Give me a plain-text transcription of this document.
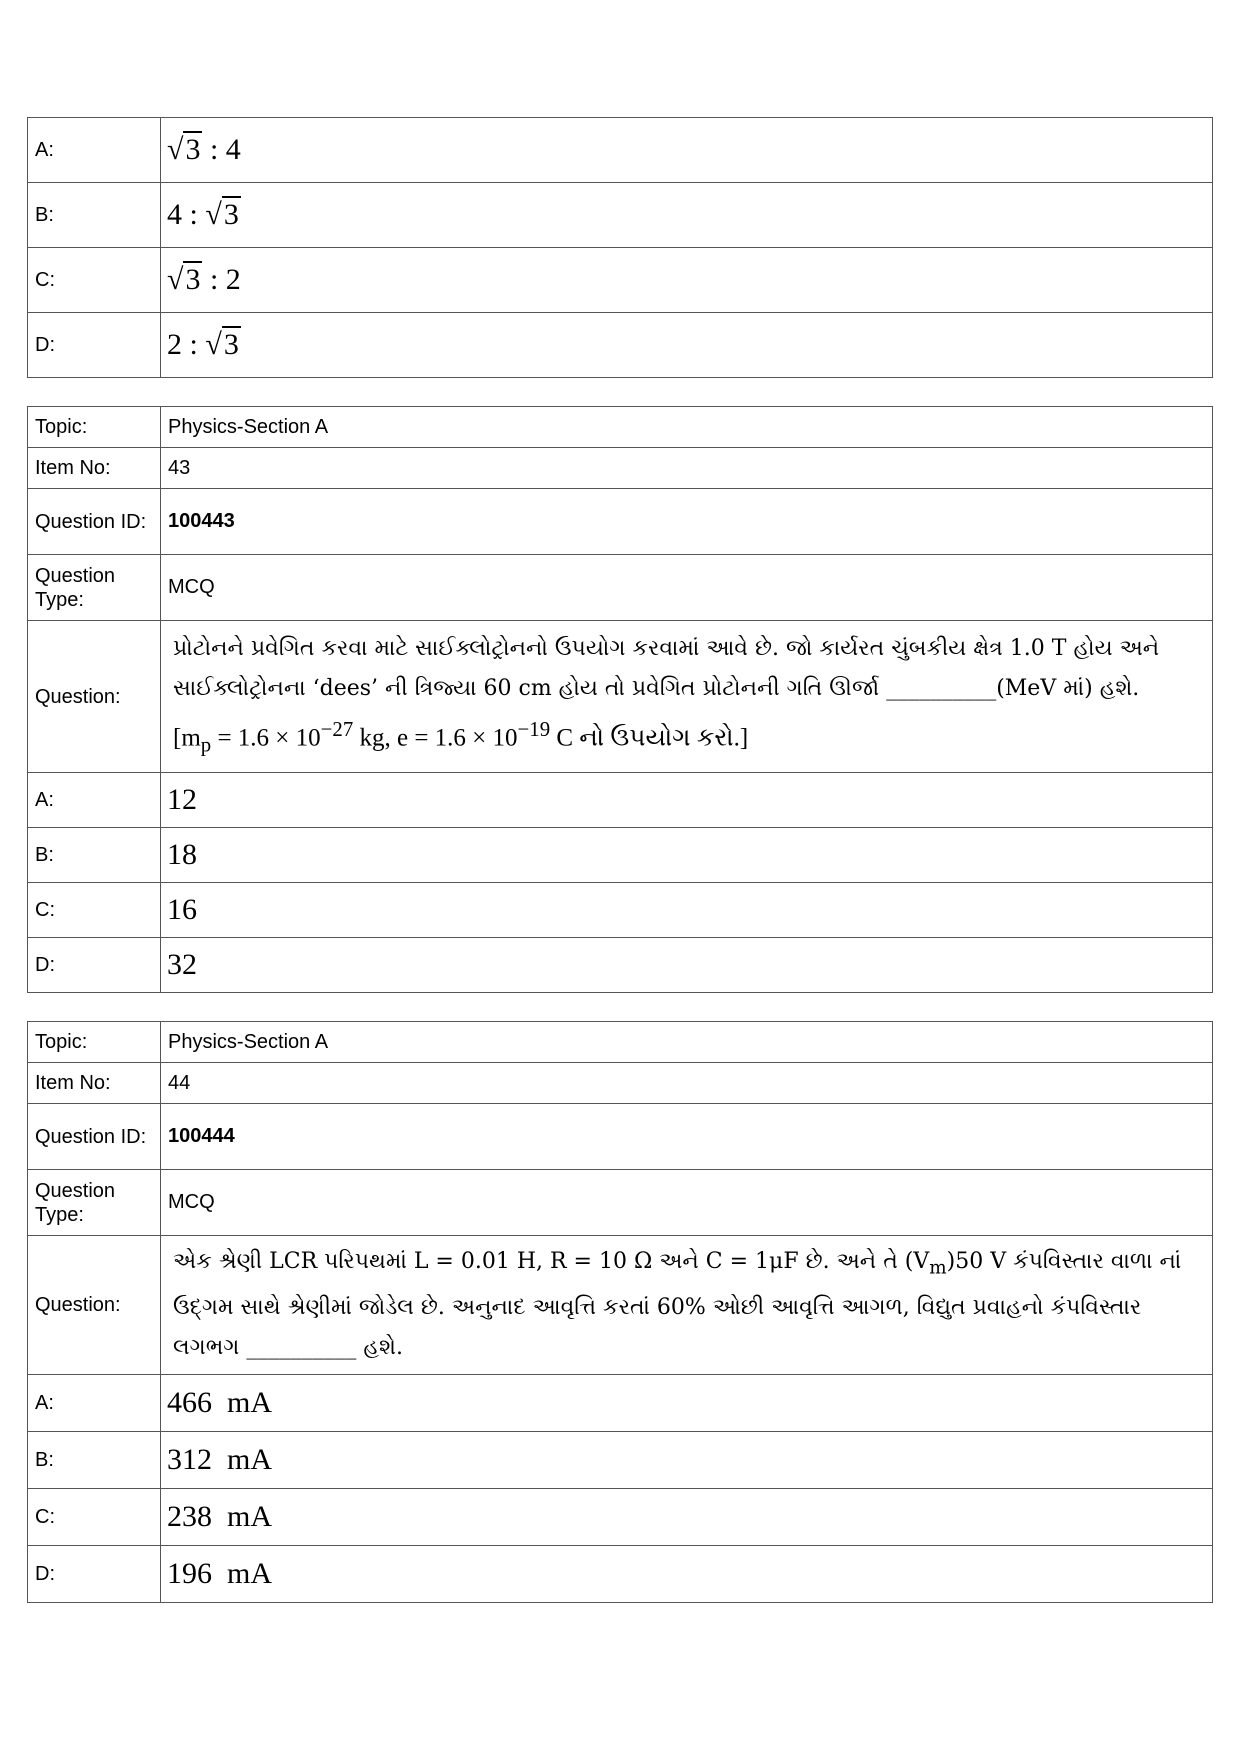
A:	√3 : 4
B:	4 : √3
C:	√3 : 2
D:	2 : √3
Topic:	Physics-Section A
Item No:	43
Question ID:	100443
Question Type:	MCQ
Question:	પ્રોટોનને પ્રવેગિત કરવા માટે સાઈક્લોટ્રોનનો ઉપયોગ કરવામાં આવે છે. જો કાર્યરત ચુંબકીય ક્ષેત્ર 1.0 T હોય અને
સાઈક્લોટ્રોનના ‘dees’ ની ત્રિજ્યા 60 cm હોય તો પ્રવેગિત પ્રોટોનની ગતિ ઊર્જા __________(MeV માં) હશે.
[$m_p = 1.6 \times 10^{-27}$ kg, $e = 1.6 \times 10^{-19}$ C નો ઉપયોગ કરો.]

A:	12
B:	18
C:	16
D:	32
Topic:	Physics-Section A
Item No:	44
Question ID:	100444
Question Type:	MCQ
Question:	એક શ્રેણી LCR પરિપથમાં L = 0.01 H, R = 10 Ω અને C = 1μF છે. અને તે $(V_m)50$ V કંપવિસ્તાર વાળા નાં
ઉદ્‌ગમ સાથે શ્રેણીમાં જોડેલ છે. અનુનાદ આવૃત્તિ કરતાં 60% ઓછી આવૃત્તિ આગળ, વિદ્યુત પ્રવાહનો કંપવિસ્તાર
લગભગ __________ હશે.

A:	466  mA
B:	312  mA
C:	238  mA
D:	196  mA
